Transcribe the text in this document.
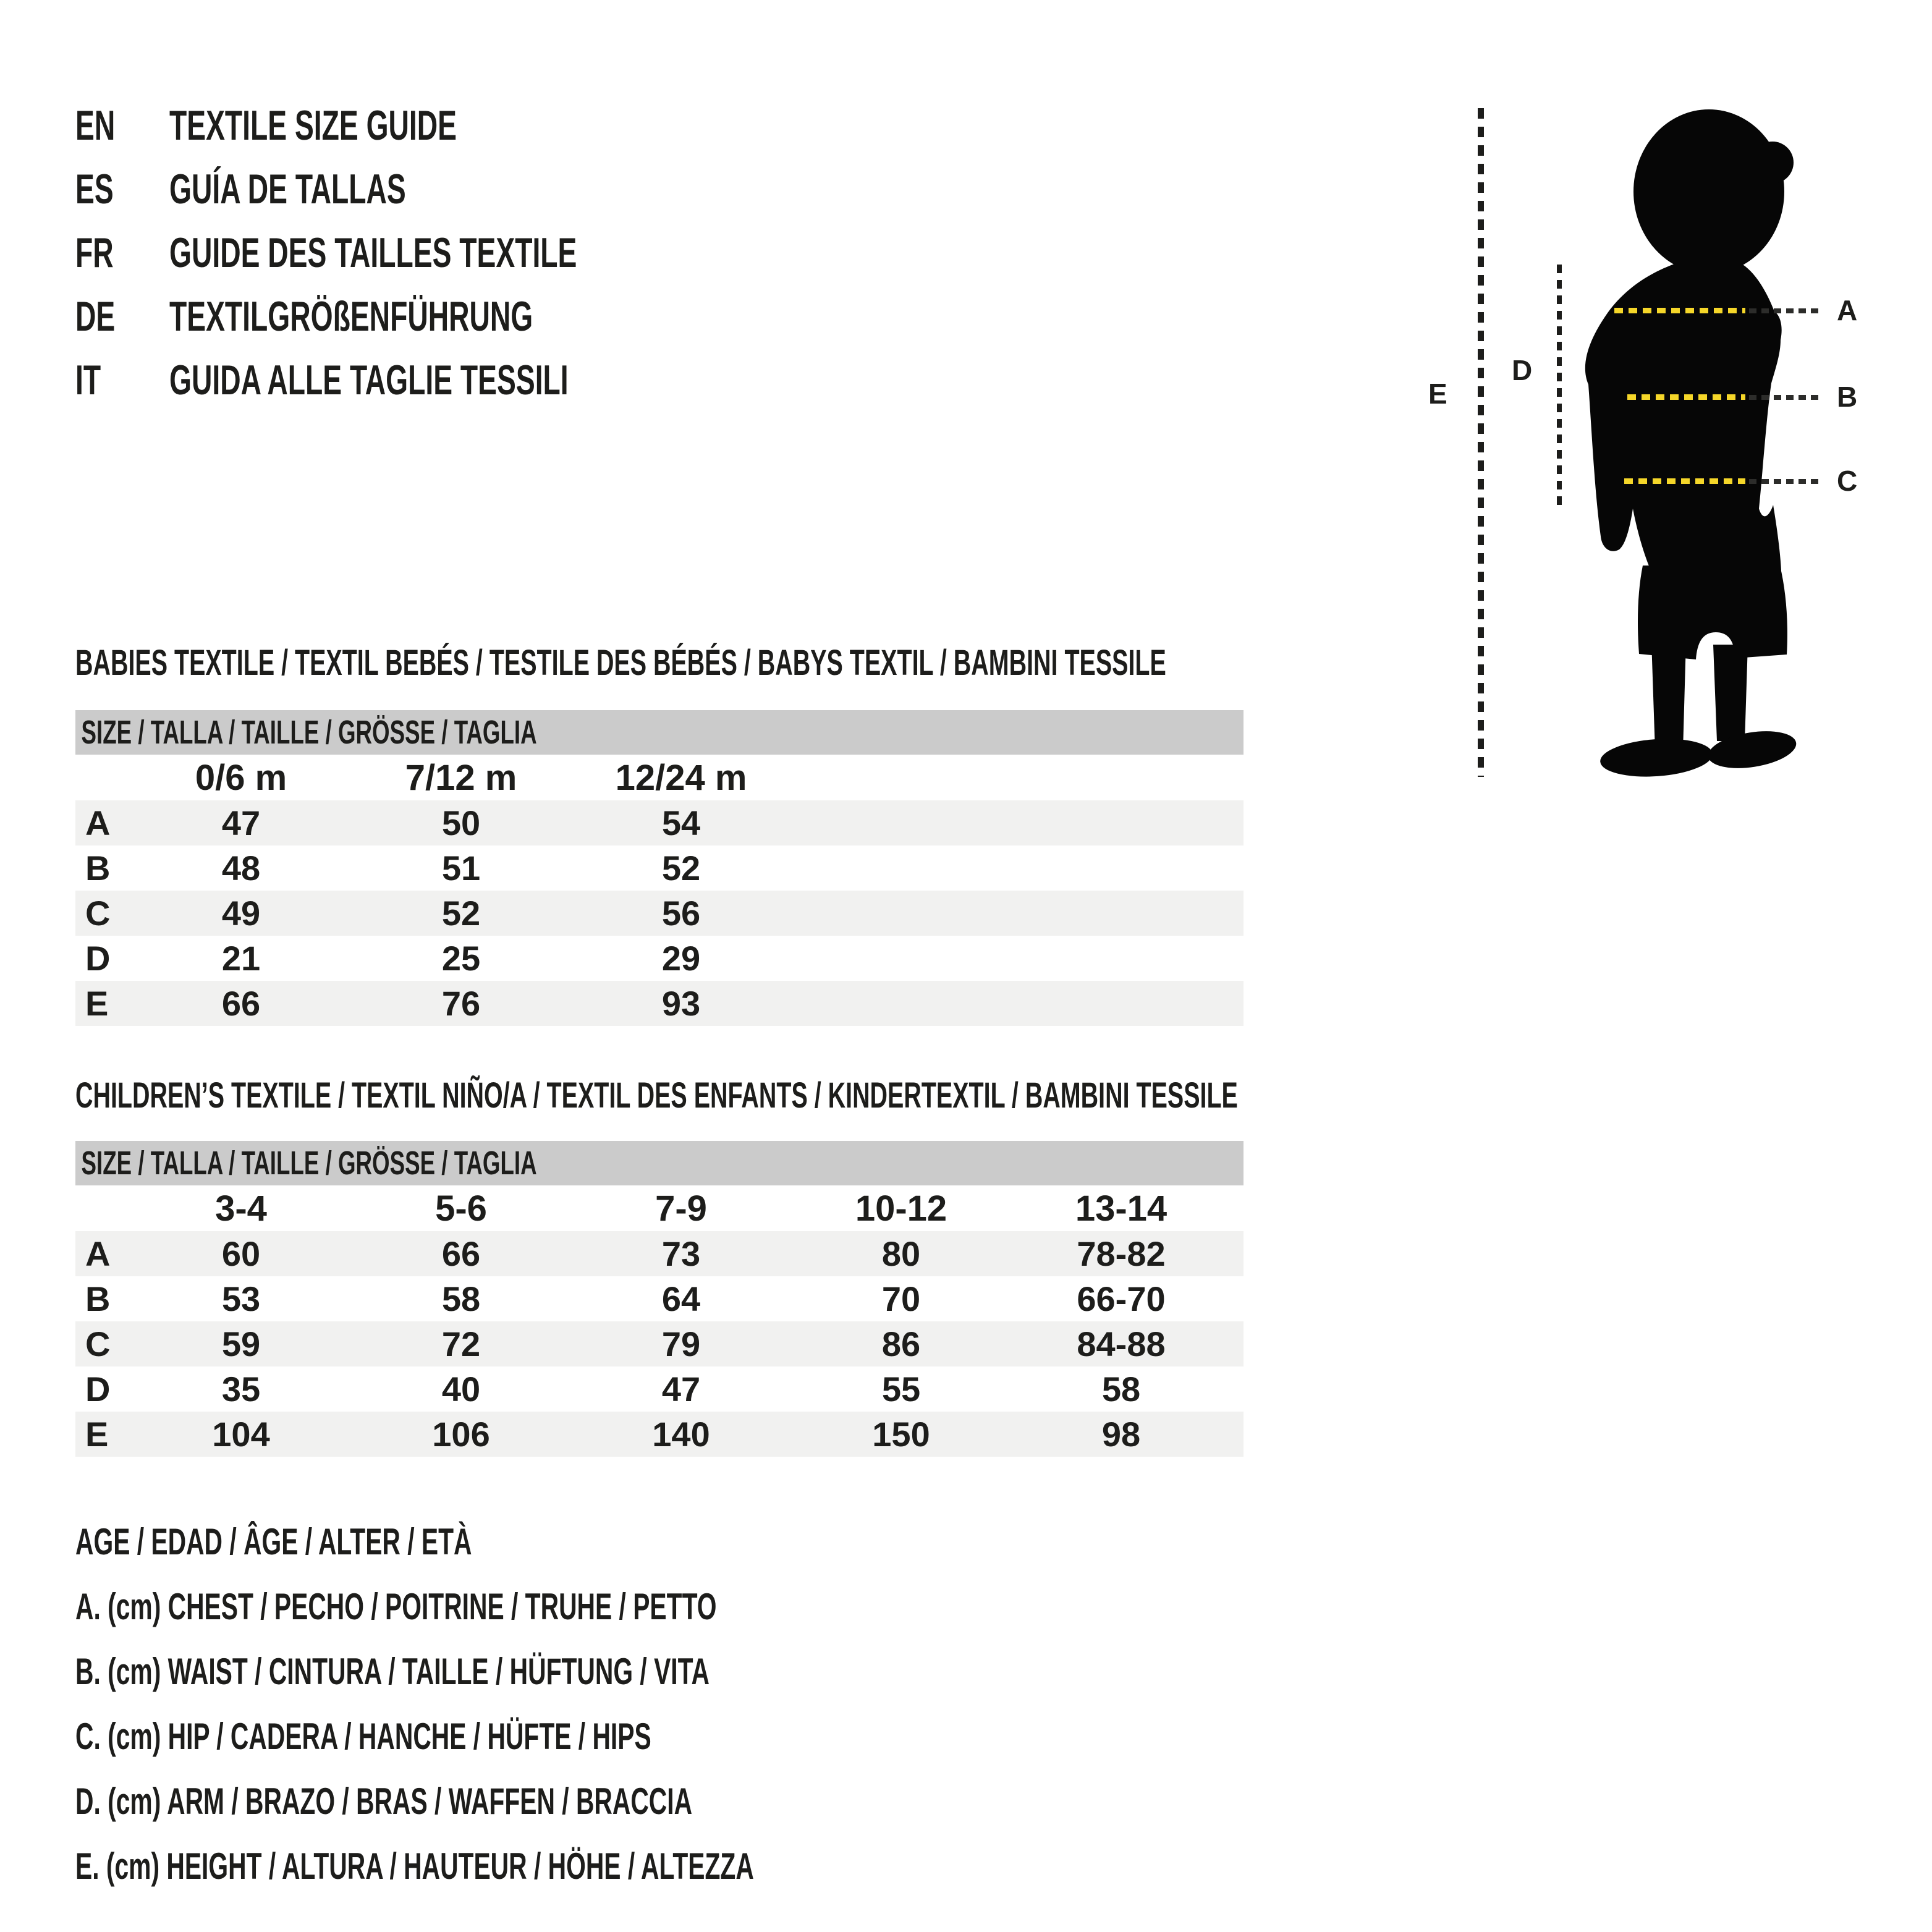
EN TEXTILE SIZE GUIDE
ES GUÍA DE TALLAS
FR GUIDE DES TAILLES TEXTILE
DE TEXTILGRÖßENFÜHRUNG
IT GUIDA ALLE TAGLIE TESSILI
A
B
C
D
E
BABIES TEXTILE / TEXTIL BEBÉS / TESTILE DES BÉBÉS / BABYS TEXTIL / BAMBINI TESSILE
SIZE / TALLA / TAILLE / GRÖSSE / TAGLIA				
	0/6 m	7/12 m	12/24 m	
A	47	50	54	
B	48	51	52	
C	49	52	56	
D	21	25	29	
E	66	76	93	
CHILDREN’S TEXTILE / TEXTIL NIÑO/A / TEXTIL DES ENFANTS / KINDERTEXTIL / BAMBINI TESSILE
SIZE / TALLA / TAILLE / GRÖSSE / TAGLIA						
	3-4	5-6	7-9	10-12	13-14	
A	60	66	73	80	78-82	
B	53	58	64	70	66-70	
C	59	72	79	86	84-88	
D	35	40	47	55	58	
E	104	106	140	150	98	
AGE / EDAD / ÂGE / ALTER / ETÀ
A. (cm) CHEST / PECHO / POITRINE / TRUHE / PETTO
B. (cm) WAIST / CINTURA / TAILLE / HÜFTUNG / VITA
C. (cm) HIP / CADERA / HANCHE / HÜFTE / HIPS
D. (cm) ARM / BRAZO / BRAS / WAFFEN / BRACCIA
E. (cm) HEIGHT / ALTURA / HAUTEUR / HÖHE / ALTEZZA
